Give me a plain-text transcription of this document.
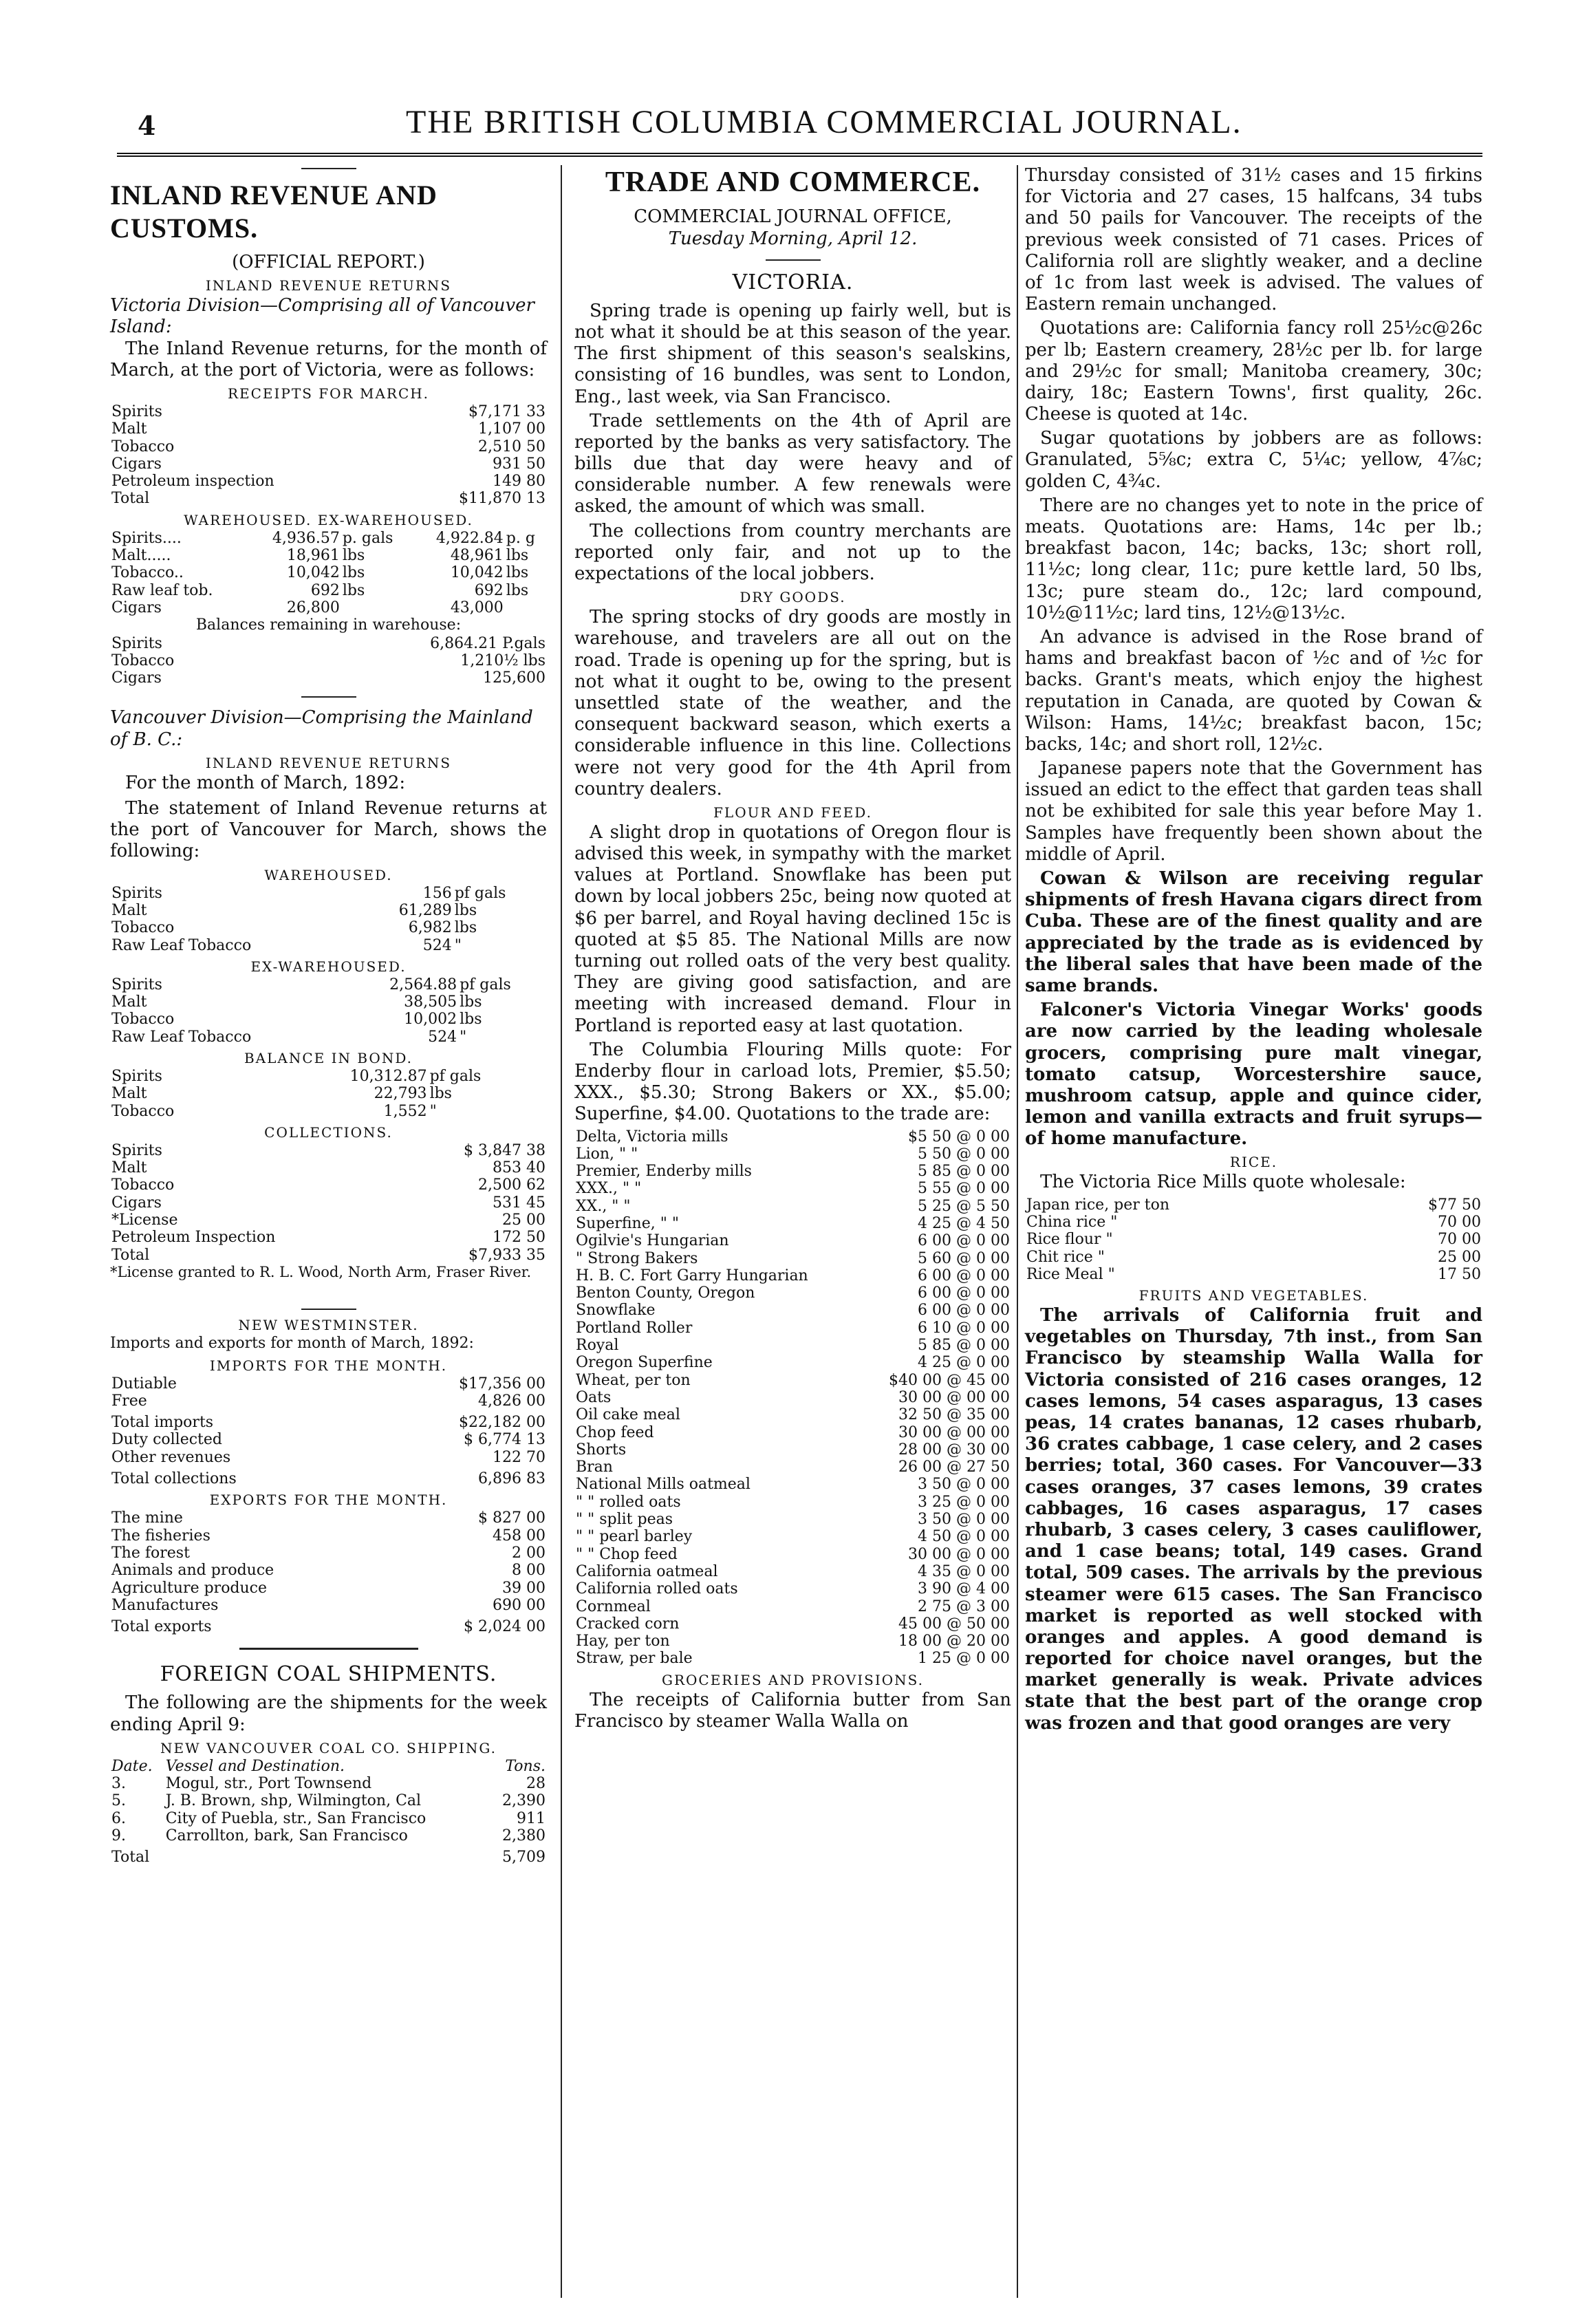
4	THE BRITISH COLUMBIA COMMERCIAL JOURNAL.
INLAND REVENUE AND CUSTOMS.
(OFFICIAL REPORT.)
INLAND REVENUE RETURNS
Victoria Division—Comprising all of Vancouver Island:

The Inland Revenue returns, for the month of March, at the port of Victoria, were as follows:

RECEIPTS FOR MARCH.
Spirits	$7,171 33
Malt	1,107 00
Tobacco	2,510 50
Cigars	931 50
Petroleum inspection	149 80
Total	$11,870 13
WAREHOUSED. EX-WAREHOUSED.
Spirits....	4,936.57	p. gals	4,922.84	p. g
Malt.....	18,961	lbs	48,961	lbs
Tobacco..	10,042	lbs	10,042	lbs
Raw leaf tob.	692	lbs	692	lbs
Cigars	26,800		43,000	
Balances remaining in warehouse:
Spirits	6,864.21 P.gals
Tobacco	1,210½ lbs
Cigars	125,600
Vancouver Division—Comprising the Mainland of B. C.:
INLAND REVENUE RETURNS

For the month of March, 1892:

The statement of Inland Revenue returns at the port of Vancouver for March, shows the following:

WAREHOUSED.
Spirits	156	pf gals
Malt	61,289	lbs
Tobacco	6,982	lbs
Raw Leaf Tobacco	524	"
EX-WAREHOUSED.
Spirits	2,564.88	pf gals
Malt	38,505	lbs
Tobacco	10,002	lbs
Raw Leaf Tobacco	524	"
BALANCE IN BOND.
Spirits	10,312.87	pf gals
Malt	22,793	lbs
Tobacco	1,552	"
COLLECTIONS.
Spirits	$ 3,847 38
Malt	853 40
Tobacco	2,500 62
Cigars	531 45
*License	25 00
Petroleum Inspection	172 50
Total	$7,933 35
*License granted to R. L. Wood, North Arm, Fraser River.
NEW WESTMINSTER.
Imports and exports for month of March, 1892:
IMPORTS FOR THE MONTH.
Dutiable	$17,356 00
Free	4,826 00
Total imports	$22,182 00
Duty collected	$ 6,774 13
Other revenues	122 70
Total collections	6,896 83
EXPORTS FOR THE MONTH.
The mine	$ 827 00
The fisheries	458 00
The forest	2 00
Animals and produce	8 00
Agriculture produce	39 00
Manufactures	690 00
Total exports	$ 2,024 00
FOREIGN COAL SHIPMENTS.

The following are the shipments for the week ending April 9:

NEW VANCOUVER COAL CO. SHIPPING.
Date.	Vessel and Destination.	Tons.
3.	Mogul, str., Port Townsend	28
5.	J. B. Brown, shp, Wilmington, Cal	2,390
6.	City of Puebla, str., San Francisco	911
9.	Carrollton, bark, San Francisco	2,380
Total	5,709
TRADE AND COMMERCE.
COMMERCIAL JOURNAL OFFICE,
Tuesday Morning, April 12.
VICTORIA.

Spring trade is opening up fairly well, but is not what it should be at this season of the year. The first shipment of this season's sealskins, consisting of 16 bundles, was sent to London, Eng., last week, via San Francisco.

Trade settlements on the 4th of April are reported by the banks as very satisfactory. The bills due that day were heavy and of considerable number. A few renewals were asked, the amount of which was small.

The collections from country merchants are reported only fair, and not up to the expectations of the local jobbers.

DRY GOODS.

The spring stocks of dry goods are mostly in warehouse, and travelers are all out on the road. Trade is opening up for the spring, but is not what it ought to be, owing to the present unsettled state of the weather, and the consequent backward season, which exerts a considerable influence in this line. Collections were not very good for the 4th April from country dealers.

FLOUR AND FEED.

A slight drop in quotations of Oregon flour is advised this week, in sympathy with the market values at Portland. Snowflake has been put down by local jobbers 25c, being now quoted at $6 per barrel, and Royal having declined 15c is quoted at $5 85. The National Mills are now turning out rolled oats of the very best quality. They are giving good satisfaction, and are meeting with increased demand. Flour in Portland is reported easy at last quotation.

The Columbia Flouring Mills quote: For Enderby flour in carload lots, Premier, $5.50; XXX., $5.30; Strong Bakers or XX., $5.00; Superfine, $4.00. Quotations to the trade are:

Delta, Victoria mills	$5 50 @ 0 00
Lion, " "	5 50 @ 0 00
Premier, Enderby mills	5 85 @ 0 00
XXX., " "	5 55 @ 0 00
XX., " "	5 25 @ 5 50
Superfine, " "	4 25 @ 4 50
Ogilvie's Hungarian	6 00 @ 0 00
" Strong Bakers	5 60 @ 0 00
H. B. C. Fort Garry Hungarian	6 00 @ 0 00
Benton County, Oregon	6 00 @ 0 00
Snowflake	6 00 @ 0 00
Portland Roller	6 10 @ 0 00
Royal	5 85 @ 0 00
Oregon Superfine	4 25 @ 0 00
Wheat, per ton	$40 00 @ 45 00
Oats	30 00 @ 00 00
Oil cake meal	32 50 @ 35 00
Chop feed	30 00 @ 00 00
Shorts	28 00 @ 30 00
Bran	26 00 @ 27 50
National Mills oatmeal	3 50 @ 0 00
" " rolled oats	3 25 @ 0 00
" " split peas	3 50 @ 0 00
" " pearl barley	4 50 @ 0 00
" " Chop feed	30 00 @ 0 00
California oatmeal	4 35 @ 0 00
California rolled oats	3 90 @ 4 00
Cornmeal	2 75 @ 3 00
Cracked corn	45 00 @ 50 00
Hay, per ton	18 00 @ 20 00
Straw, per bale	1 25 @ 0 00
GROCERIES AND PROVISIONS.

The receipts of California butter from San Francisco by steamer Walla Walla on

Thursday consisted of 31½ cases and 15 firkins for Victoria and 27 cases, 15 halfcans, 34 tubs and 50 pails for Vancouver. The receipts of the previous week consisted of 71 cases. Prices of California roll are slightly weaker, and a decline of 1c from last week is advised. The values of Eastern remain unchanged.

Quotations are: California fancy roll 25½c@26c per lb; Eastern creamery, 28½c per lb. for large and 29½c for small; Manitoba creamery, 30c; dairy, 18c; Eastern Towns', first quality, 26c. Cheese is quoted at 14c.

Sugar quotations by jobbers are as follows: Granulated, 5⅝c; extra C, 5¼c; yellow, 4⅞c; golden C, 4¾c.

There are no changes yet to note in the price of meats. Quotations are: Hams, 14c per lb.; breakfast bacon, 14c; backs, 13c; short roll, 11½c; long clear, 11c; pure kettle lard, 50 lbs, 13c; pure steam do., 12c; lard compound, 10½@11½c; lard tins, 12½@13½c.

An advance is advised in the Rose brand of hams and breakfast bacon of ½c and of ½c for backs. Grant's meats, which enjoy the highest reputation in Canada, are quoted by Cowan & Wilson: Hams, 14½c; breakfast bacon, 15c; backs, 14c; and short roll, 12½c.

Japanese papers note that the Government has issued an edict to the effect that garden teas shall not be exhibited for sale this year before May 1. Samples have frequently been shown about the middle of April.

Cowan & Wilson are receiving regular shipments of fresh Havana cigars direct from Cuba. These are of the finest quality and are appreciated by the trade as is evidenced by the liberal sales that have been made of the same brands.

Falconer's Victoria Vinegar Works' goods are now carried by the leading wholesale grocers, comprising pure malt vinegar, tomato catsup, Worcestershire sauce, mushroom catsup, apple and quince cider, lemon and vanilla extracts and fruit syrups—of home manufacture.

RICE.

The Victoria Rice Mills quote wholesale:

Japan rice, per ton	$77 50
China rice "	70 00
Rice flour "	70 00
Chit rice "	25 00
Rice Meal "	17 50
FRUITS AND VEGETABLES.

The arrivals of California fruit and vegetables on Thursday, 7th inst., from San Francisco by steamship Walla Walla for Victoria consisted of 216 cases oranges, 12 cases lemons, 54 cases asparagus, 13 cases peas, 14 crates bananas, 12 cases rhubarb, 36 crates cabbage, 1 case celery, and 2 cases berries; total, 360 cases. For Vancouver—33 cases oranges, 37 cases lemons, 39 crates cabbages, 16 cases asparagus, 17 cases rhubarb, 3 cases celery, 3 cases cauliflower, and 1 case beans; total, 149 cases. Grand total, 509 cases. The arrivals by the previous steamer were 615 cases. The San Francisco market is reported as well stocked with oranges and apples. A good demand is reported for choice navel oranges, but the market generally is weak. Private advices state that the best part of the orange crop was frozen and that good oranges are very
